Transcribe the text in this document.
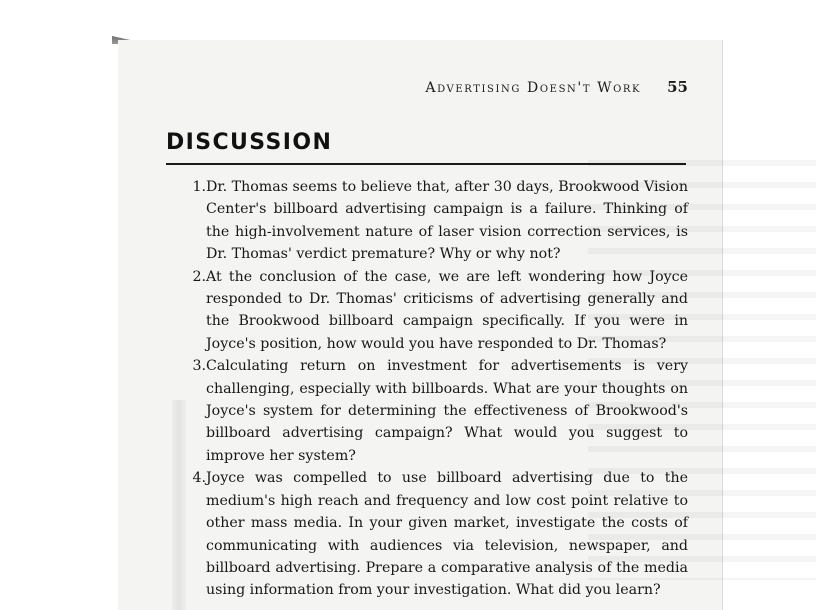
Advertising Doesn't Work 55
DISCUSSION
1. Dr. Thomas seems to believe that, after 30 days, Brookwood Vision Center's billboard advertising campaign is a failure. Thinking of the high-involvement nature of laser vision correction services, is Dr. Thomas' verdict premature? Why or why not?
2. At the conclusion of the case, we are left wondering how Joyce responded to Dr. Thomas' criticisms of advertising generally and the Brookwood billboard campaign specifically. If you were in Joyce's position, how would you have responded to Dr. Thomas?
3. Calculating return on investment for advertisements is very challenging, especially with billboards. What are your thoughts on Joyce's system for determining the effectiveness of Brookwood's billboard advertising campaign? What would you suggest to improve her system?
4. Joyce was compelled to use billboard advertising due to the medium's high reach and frequency and low cost point relative to other mass media. In your given market, investigate the costs of communicating with audiences via television, newspaper, and billboard advertising. Prepare a comparative analysis of the media using information from your investigation. What did you learn?
